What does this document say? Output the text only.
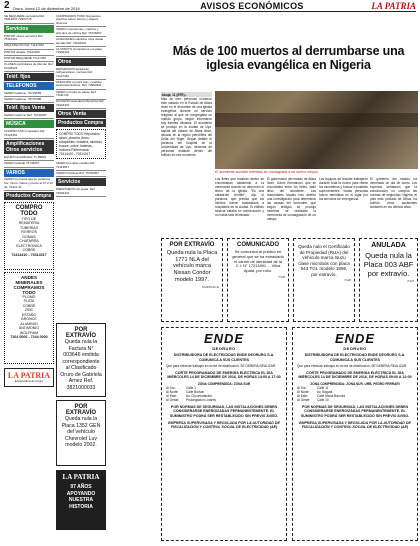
2 Oruro, lunes 12 de diciembre de 2016	AVISOS ECONÓMICOS	LA PATRIA
SE REQUIERE secretaria Ref: 76613847 72902775
Servicios
PINTOR ofrece servicios Ref: 75410321
ARQUITECTO Ref: 71147452
PINTOR alcalde 76101605
PINTOR REQUIERE 77147452
CLASES particulares de Alemán Ref: 67228224
Teléf. fijos
TELEFONOS
VENDO teléfono. 76723655
VENDO teléfono. 78737480
Teléf. fijos Venta
VENDO teléfono Ref: 76746057
MÚSICA
COMPRO DVD musicales Ref. 76123451
Amplificaciones Otros servicios
EQUIPO amplificador 71-89822
VENDO teclado 76746057
VARIOS
VENDO hermosa teja de cerámica Sur, Oruro. Datos y precio al 72 3 43 40, 72421-31
Productos Compra
COMPRO TODO
TIPO DE
REMATERIA
TUBERÍAS
FIERROS
GOMAS
CHATARRA
ELECTRONICA
COBRE
72414410 - 70314017
ANDES MINERALES COMPRAMOS TODO
PLOMO
PLATA
COBRE
ZINC
ESTAÑO
BRONCE
ALUMINIO
ANTIMONIO
WOLFRAM
7264 0000 - 7244 0000
LA PATRIA
El periódico de Oruro
COMPRAMOS TODO Repuestos, plancha, tubos, fierros y objetos diversos
VENDO impresiones, cuadros y artículos de oficina Ref: 76746057
ALMACENES calzados ropa usada tiendas Ref: 72904331
AL MINUTO Compramos oro plata 72904331
Otros
REPARAMOS lavadoras, refrigeradores, cocinas Ref: 71147452
ATENCIÓN compra todo, muebles electrodomésticos. Ref: 72904331
VENDO prenda de paseo Ref: 71111722
OCASIÓN lavandería Mendoza Ref: 72904331
Otros Venta
Productos Compra
COMPRO TODO Repuestos, tubos, plancha, fierro, colapsibles, chatarra, aluminio, bronce, cobre, baterías, motores Referencias: 72414410 - 70314017
VENDO prendas usadas Ref: 73113847
VENDO bicicleta Ref: 76766057
Servicios
PRESTAMOS con joyas. Ref: 72904331
POR EXTRAVÍO
Queda nula la Factura N° 003646 emitida correspondiente al Clasificado Oruro de Gabriela Arnez Ref. 3821000033
POR EXTRAVÍO
Queda nula la Placa 1352 GEN del vehículo Chevrolet Luv modelo 2002.
LA PATRIA
97 AÑOS APOYANDO NUESTRA HISTORIA
Más de 100 muertos al derrumbarse una iglesia evangélica en Nigeria
Abuja, 11 (EFE).-
Más de cien personas murieron este sábado en el Estado de Akwa Ibom en el derrumbe de una iglesia evangélica durante un servicio religioso al que se congregaba un nutrido grupo, según informaron hoy fuentes oficiales. El accidente se produjo en la ciudad de Uyo, capital del estado de Akwa Ibom, situado en la región petrolífera del Delta del Níger. Según detalló el portavoz del hospital de la Universidad de Uyo, decenas de personas estaban dentro del edificio en ese momento.
El accidente sucedió mientras se consagraba a un nuevo obispo
Los fieles que estaban dentro se encontraban asistiendo a la ceremonia cuando se derrumbó el techo de la iglesia. "Es una catástrofe terrible", dijo el portavoz, que precisó que los heridos fueron trasladados a hospitales de la ciudad. El edificio todavía estaba en construcción y no había sido terminado.
El gobernador del estado de Akwa Ibom, Udom Emmanuel, que se encontraba entre los fieles, salió ileso del accidente. Las autoridades locales han abierto una investigación para determinar las causas del derrumbe, que según testigos se produjo mientras se realizaba la ceremonia de consagración de un obispo.
Los equipos de rescate trabajaron durante toda la noche para retirar los escombros y buscar a posibles supervivientes. Varias personas fueron atendidas en el lugar por los servicios de emergencia.
El gobierno del estado ha decretado un día de duelo. Los expertos señalaron que la construcción no cumplía las normas de seguridad. Nigeria, el país más poblado de África, ha sufrido otros accidentes similares en los últimos años.
POR EXTRAVÍO
Queda nula la Placa 1771 NLA del vehículo marca Nissan Condor modelo 1997.
H.124/TA-V1-13
COMUNICADO
Se comunica al público en general que se ha extraviado el carnet de identidad de la C.I. N° 17211891 ... Vilca Apala, por robo.
H.125
Queda nulo el Certificado de Propiedad (RUA) del vehículo marca Isuzu clase microbús con placa 543 TGL modelo 1995, por extravío.
H.126
ANULADA
Queda nula la Placa 003 ABF por extravío.
H.127
ENDE
DEORURO
DISTRIBUIDORA DE ELECTRICIDAD ENDE DEORURO S.A. COMUNICA A SUS CLIENTES
Que para efectuar trabajos en la red de distribución, SE DEBERÁ REALIZAR:
CORTE PROGRAMADO DE ENERGÍA ELÉCTRICA EL DÍA MIÉRCOLES 14 DE DICIEMBRE DE 2016, DE HORAS 14:00 A 17:00
ZONA COMPRENDIDA: ZONA SUR
Al Sur:	Calle 1
Al Norte:	Calle Bolívar
Al Este:	Av. Circunvalación
Al Oeste:	Prolongación Linares
POR NORMAS DE SEGURIDAD, LAS INSTALACIONES DEBEN CONSIDERARSE ENERGIZADAS PERMANENTEMENTE. EL SUMINISTRO PODRÁ SER RESTABLECIDO SIN PREVIO AVISO.
EMPRESA SUPERVISADA Y REGULADA POR LA AUTORIDAD DE FISCALIZACIÓN Y CONTROL SOCIAL DE ELECTRICIDAD (AE)
ENDE
DEORURO
DISTRIBUIDORA DE ELECTRICIDAD ENDE DEORURO S.A. COMUNICA A SUS CLIENTES
Que para efectuar trabajos en la red de distribución, SE DEBERÁ REALIZAR:
CORTE PROGRAMADO DE ENERGÍA ELÉCTRICA EL DÍA MIÉRCOLES 14 DE DICIEMBRE DE 2016, DE HORAS 09:00 A 12:00
ZONA COMPRENDIDA: ZONA SUR. URB. PEDRO FERRARI
Al Sur:	Calle 11
Al Norte:	Av. Bogotá
Al Este:	Calle María Barzola
Al Oeste:	Calle 10
POR NORMAS DE SEGURIDAD, LAS INSTALACIONES DEBEN CONSIDERARSE ENERGIZADAS PERMANENTEMENTE. EL SUMINISTRO PODRÁ SER RESTABLECIDO SIN PREVIO AVISO.
EMPRESA SUPERVISADA Y REGULADA POR LA AUTORIDAD DE FISCALIZACIÓN Y CONTROL SOCIAL DE ELECTRICIDAD (AE)
